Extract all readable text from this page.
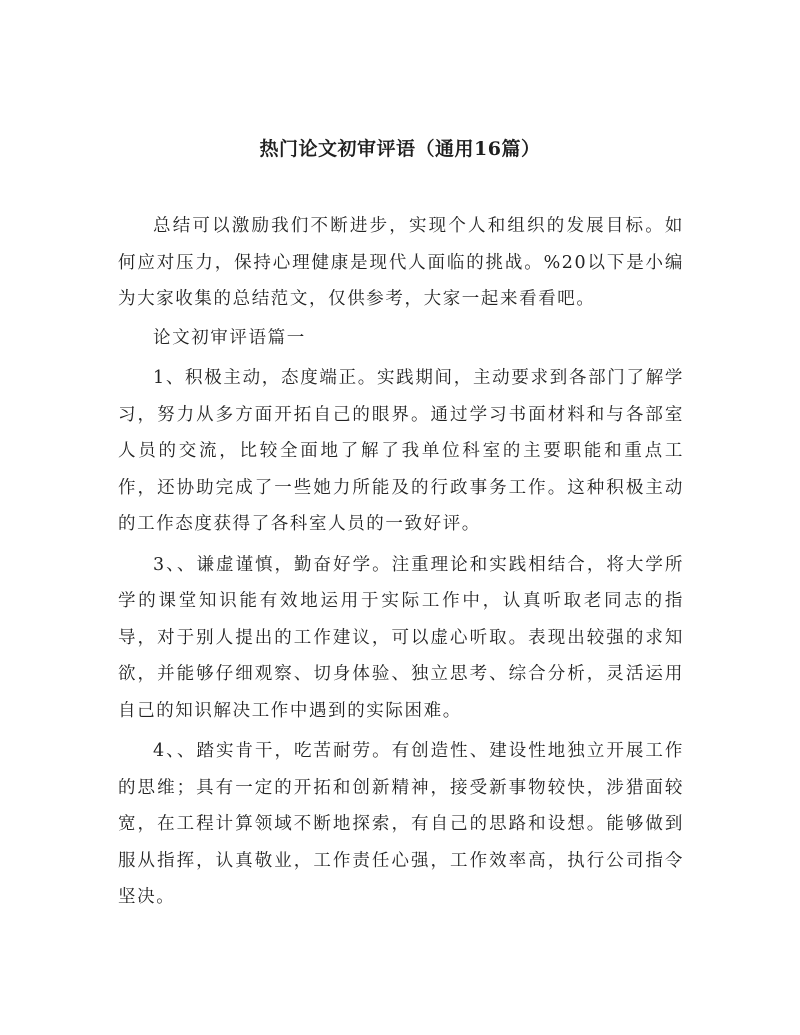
热门论文初审评语（通用16篇）

总结可以激励我们不断进步，实现个人和组织的发展目标。如何应对压力，保持心理健康是现代人面临的挑战。%20以下是小编为大家收集的总结范文，仅供参考，大家一起来看看吧。

论文初审评语篇一

1、积极主动，态度端正。实践期间，主动要求到各部门了解学习，努力从多方面开拓自己的眼界。通过学习书面材料和与各部室人员的交流，比较全面地了解了我单位科室的主要职能和重点工作，还协助完成了一些她力所能及的行政事务工作。这种积极主动的工作态度获得了各科室人员的一致好评。

3、、谦虚谨慎，勤奋好学。注重理论和实践相结合，将大学所学的课堂知识能有效地运用于实际工作中，认真听取老同志的指导，对于别人提出的工作建议，可以虚心听取。表现出较强的求知欲，并能够仔细观察、切身体验、独立思考、综合分析，灵活运用自己的知识解决工作中遇到的实际困难。

4、、踏实肯干，吃苦耐劳。有创造性、建设性地独立开展工作的思维；具有一定的开拓和创新精神，接受新事物较快，涉猎面较宽，在工程计算领域不断地探索，有自己的思路和设想。能够做到服从指挥，认真敬业，工作责任心强，工作效率高，执行公司指令坚决。
